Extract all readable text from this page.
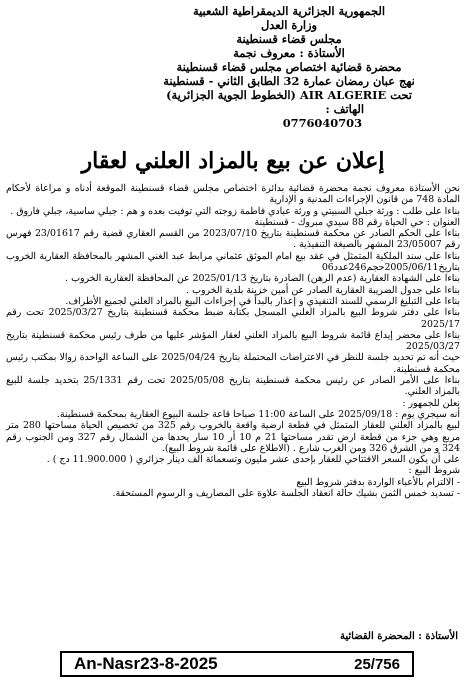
الجمهورية الجزائرية الديمقراطية الشعبية
وزارة العدل
مجلس قضاء قسنطينة
الأستاذة : معروف نجمة
محضرة قضائية اختصاص مجلس قضاء قسنطينة
نهج عبان رمضان عمارة 32 الطابق الثاني - قسنطينة
تحت AIR ALGERIE (الخطوط الجوية الجزائرية)
الهاتف :
0776040703
إعلان عن بيع بالمزاد العلني لعقار

نحن الأستاذة معروف نجمة محضرة قضائية بدائرة اختصاص مجلس قضاء قسنطينة الموقعة أدناه و مراعاة لأحكام المادة 748 من قانون الإجراءات المدنية و الإدارية

بناءا على طلب : ورثة جبلي السبيتي و ورثة عبادي فاطمة زوجته التي توفيت بعده و هم : جبلي ساسية، جبلي فاروق .

العنوان : حي الحياة رقم 88 سيدي مبروك - قسنطينة

بناءا على الحكم الصادر عن محكمة قسنطينة بتاريخ 2023/07/10 من القسم العقاري قضية رقم 23/01617 فهرس رقم 23/05007 المشهر بالصيغة التنفيذية .

بناءا على سند الملكية المتمثل في عقد بيع امام الموثق عثماني مرابط عبد الغني المشهر بالمحافظة العقارية الخروب بتاريخ2005/06/11حجم246عدد06

بناءا على الشهادة العقارية (عدم الرهن) الصادرة بتاريخ 2025/01/13 عن المحافظة العقارية الخروب .

بناءا على جدول الضريبة العقارية الصادر عن أمين خزينة بلدية الخروب .

بناءا على التبليغ الرسمي للسند التنفيذي و إعذار بالبدأ في إجراءات البيع بالمزاد العلني لجميع الأطراف.

بناءا على دفتر شروط البيع بالمزاد العلني المسجل بكتابة ضبط محكمة قسنطينة بتاريخ 2025/03/27 تحت رقم 2025/17

بناءا على محضر إيداع قائمة شروط البيع بالمزاد العلني لعقار المؤشر عليها من طرف رئيس محكمة قسنطينة بتاريخ 2025/03/27

حيث أنه تم تحديد جلسة للنظر في الاعتراضات المحتملة بتاريخ 2025/04/24 على الساعة الواحدة زوالا بمكتب رئيس محكمة قسنطينة.

بناءا على الأمر الصادر عن رئيس محكمة قسنطينة بتاريخ 2025/05/08 تحت رقم 25/1331 بتحديد جلسة للبيع بالمزاد العلني.

نعلن للجمهور :

أنه سيجري يوم : 2025/09/18 على الساعة 11:00 صباحا قاعة جلسة البيوع العقارية بمحكمة قسنطينة.

لبيع بالمزاد العلني للعقار المتمثل في قطعة ارضية واقعة بالخروب رقم 325 من تخصيص الحياة مساحتها 280 متر مربع وهي جزء من قطعة ارض تقدر مساحتها 21 م 10 أر 10 سار يحدها من الشمال رقم 327 ومن الجنوب رقم 324 و من الشرق 326 ومن الغرب شارع . (الاطلاع على قائمة شروط البيع).

على أن يكون السعر الافتتاحي للعقار بإحدى عشر مليون وتسعمائة الف دينار جزائري ( 11.900.000 دج ) .

شروط البيع :

- الالتزام بالأعباء الواردة بدفتر شروط البيع

- تسديد خمس الثمن بشيك حالة انعقاد الجلسة علاوة على المصاريف و الرسوم المستحقة.

الأستاذة : المحضرة القضائية
An-Nasr23-8-2025	25/756
